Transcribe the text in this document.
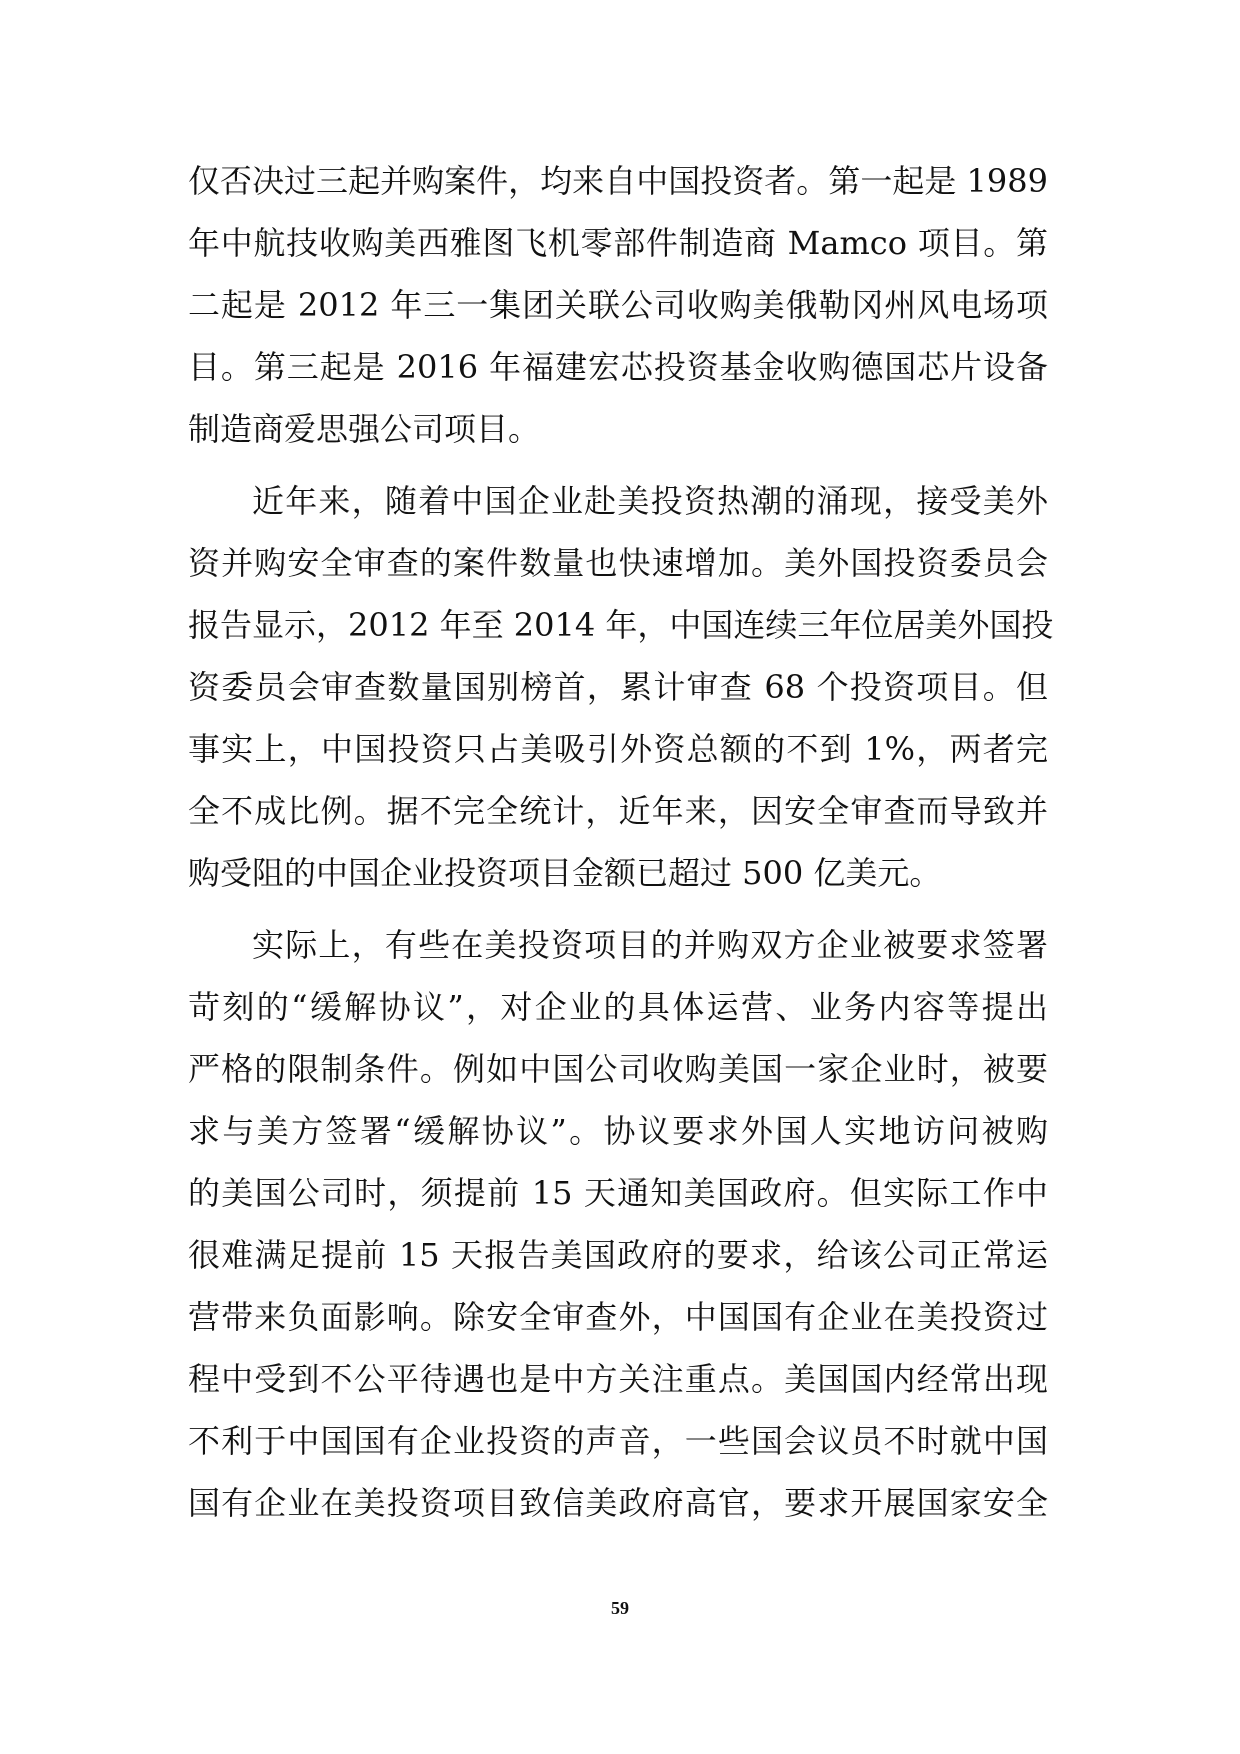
仅否决过三起并购案件，均来自中国投资者。第一起是 1989
年中航技收购美西雅图飞机零部件制造商 Mamco 项目。第
二起是 2012 年三一集团关联公司收购美俄勒冈州风电场项
目。第三起是 2016 年福建宏芯投资基金收购德国芯片设备
制造商爱思强公司项目。
近年来，随着中国企业赴美投资热潮的涌现，接受美外
资并购安全审查的案件数量也快速增加。美外国投资委员会
报告显示，2012 年至 2014 年，中国连续三年位居美外国投
资委员会审查数量国别榜首，累计审查 68 个投资项目。但
事实上，中国投资只占美吸引外资总额的不到 1%，两者完
全不成比例。据不完全统计，近年来，因安全审查而导致并
购受阻的中国企业投资项目金额已超过 500 亿美元。
实际上，有些在美投资项目的并购双方企业被要求签署
苛刻的“缓解协议”，对企业的具体运营、业务内容等提出
严格的限制条件。例如中国公司收购美国一家企业时，被要
求与美方签署“缓解协议”。协议要求外国人实地访问被购
的美国公司时，须提前 15 天通知美国政府。但实际工作中
很难满足提前 15 天报告美国政府的要求，给该公司正常运
营带来负面影响。除安全审查外，中国国有企业在美投资过
程中受到不公平待遇也是中方关注重点。美国国内经常出现
不利于中国国有企业投资的声音，一些国会议员不时就中国
国有企业在美投资项目致信美政府高官，要求开展国家安全
59
